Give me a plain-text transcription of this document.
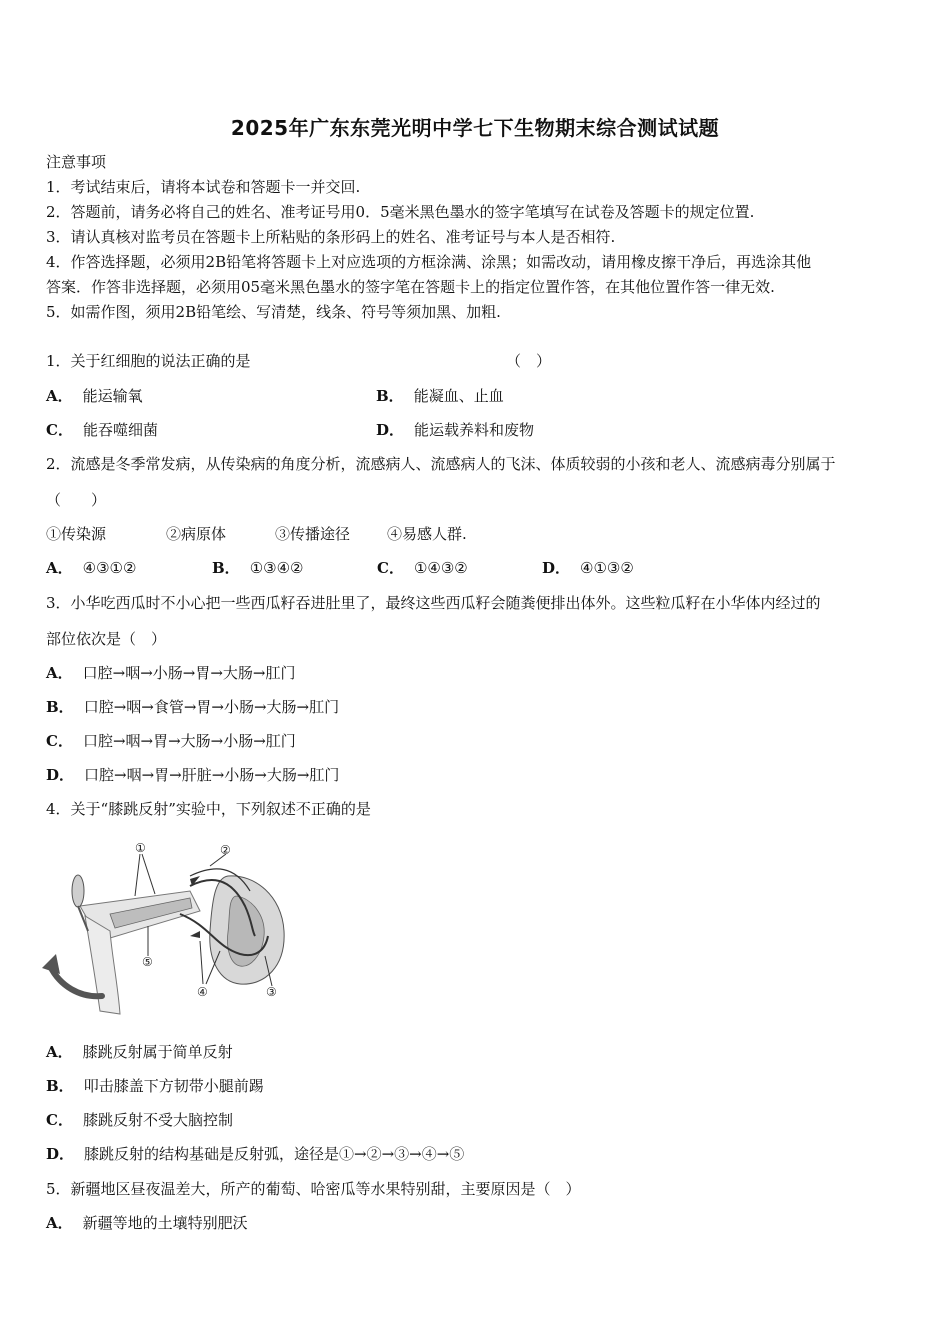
2025年广东东莞光明中学七下生物期末综合测试试题
注意事项
1．考试结束后，请将本试卷和答题卡一并交回.
2．答题前，请务必将自己的姓名、准考证号用0．5毫米黑色墨水的签字笔填写在试卷及答题卡的规定位置.
3．请认真核对监考员在答题卡上所粘贴的条形码上的姓名、准考证号与本人是否相符.
4．作答选择题，必须用2B铅笔将答题卡上对应选项的方框涂满、涂黑；如需改动，请用橡皮擦干净后，再选涂其他
答案．作答非选择题，必须用05毫米黑色墨水的签字笔在答题卡上的指定位置作答，在其他位置作答一律无效.
5．如需作图，须用2B铅笔绘、写清楚，线条、符号等须加黑、加粗.
1．关于红细胞的说法正确的是	（　）
A． 能运输氧	B． 能凝血、止血
C． 能吞噬细菌	D． 能运载养料和废物
2．流感是冬季常发病，从传染病的角度分析，流感病人、流感病人的飞沫、体质较弱的小孩和老人、流感病毒分别属于
（　　）
①传染源	②病原体	③传播途径 ④易感人群.
A． ④③①②	B． ①③④②	C． ①④③②	D． ④①③②
3．小华吃西瓜时不小心把一些西瓜籽吞进肚里了，最终这些西瓜籽会随粪便排出体外。这些粒瓜籽在小华体内经过的
部位依次是（　）
A． 口腔→咽→小肠→胃→大肠→肛门
B． 口腔→咽→食管→胃→小肠→大肠→肛门
C． 口腔→咽→胃→大肠→小肠→肛门
D． 口腔→咽→胃→肝脏→小肠→大肠→肛门
4．关于“膝跳反射”实验中，下列叙述不正确的是
①	②
③
④
⑤
A． 膝跳反射属于简单反射
B． 叩击膝盖下方韧带小腿前踢
C． 膝跳反射不受大脑控制
D． 膝跳反射的结构基础是反射弧，途径是①→②→③→④→⑤
5．新疆地区昼夜温差大，所产的葡萄、哈密瓜等水果特别甜，主要原因是（　）
A． 新疆等地的土壤特别肥沃
